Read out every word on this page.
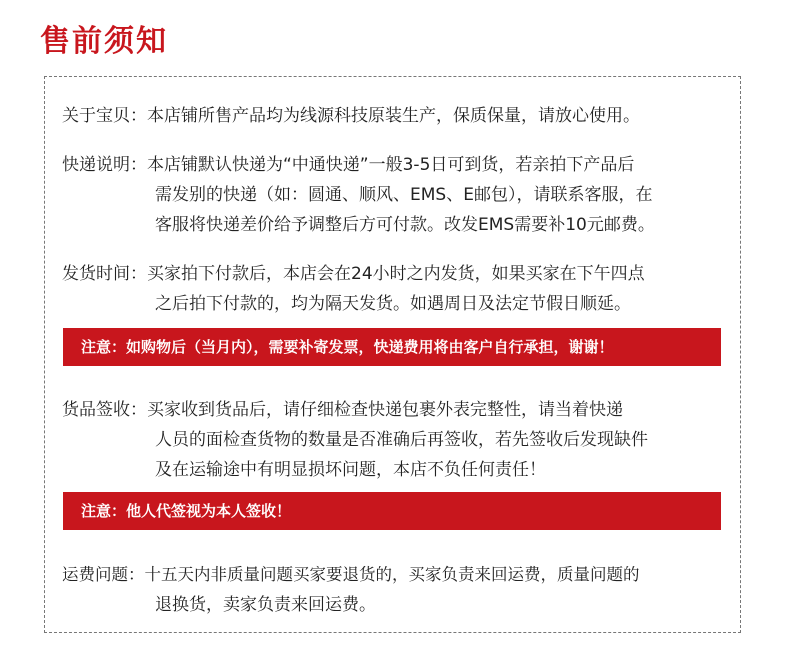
售前须知
关于宝贝：本店铺所售产品均为线源科技原装生产，保质保量，请放心使用。
快递说明：本店铺默认快递为“中通快递”一般3-5日可到货，若亲拍下产品后
需发别的快递（如：圆通、顺风、EMS、E邮包），请联系客服，在
客服将快递差价给予调整后方可付款。改发EMS需要补10元邮费。
发货时间：买家拍下付款后，本店会在24小时之内发货，如果买家在下午四点
之后拍下付款的，均为隔天发货。如遇周日及法定节假日顺延。
注意：如购物后（当月内），需要补寄发票，快递费用将由客户自行承担，谢谢！
货品签收：买家收到货品后，请仔细检查快递包裹外表完整性，请当着快递
人员的面检查货物的数量是否准确后再签收，若先签收后发现缺件
及在运输途中有明显损坏问题，本店不负任何责任！
注意：他人代签视为本人签收！
运费问题：十五天内非质量问题买家要退货的，买家负责来回运费，质量问题的
退换货，卖家负责来回运费。
